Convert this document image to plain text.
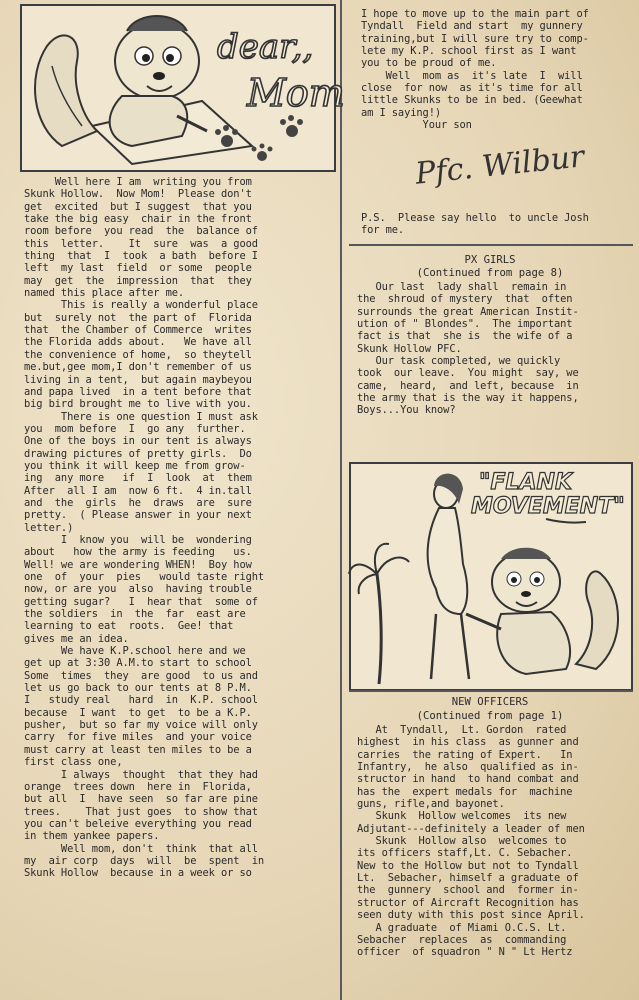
dear,,
Mom
Well here I am  writing you from
Skunk Hollow.  Now Mom!  Please don't
get  excited  but I suggest  that you
take the big easy  chair in the front
room before  you read  the  balance of
this  letter.    It  sure  was  a good
thing  that  I  took  a bath  before I
left  my last  field  or some  people
may  get  the  impression  that  they
named this place after me.
This is really a wonderful place
but  surely not  the part of  Florida
that  the Chamber of Commerce  writes
the Florida adds about.   We have all
the convenience of home,  so theytell
me.but,gee mom,I don't remember of us
living in a tent,  but again maybeyou
and papa lived  in a tent before that
big bird brought me to live with you.
There is one question I must ask
you  mom before  I  go any  further.
One of the boys in our tent is always
drawing pictures of pretty girls.  Do
you think it will keep me from grow-
ing  any more   if  I  look  at  them
After  all I am  now 6 ft.  4 in.tall
and  the  girls  he  draws  are  sure
pretty.  ( Please answer in your next
letter.)
I  know you  will be  wondering
about   how the army is feeding   us.
Well! we are wondering WHEN!  Boy how
one  of  your  pies   would taste right
now, or are you  also  having trouble
getting sugar?   I  hear that  some of
the soldiers  in  the  far  east are
learning to eat  roots.  Gee! that
gives me an idea.
We have K.P.school here and we
get up at 3:30 A.M.to start to school
Some  times  they  are good  to us and
let us go back to our tents at 8 P.M.
I   study real   hard  in  K.P. school
because  I want  to get  to be a K.P.
pusher,  but so far my voice will only
carry  for five miles  and your voice
must carry at least ten miles to be a
first class one,
I always  thought  that they had
orange  trees down  here in  Florida,
but all  I  have seen  so far are pine
trees.    That just goes  to show that
you can't beleive everything you read
in them yankee papers.
Well mom, don't  think  that all
my  air corp  days  will  be  spent  in
Skunk Hollow  because in a week or so
I hope to move up to the main part of
Tyndall  Field and start  my gunnery
training,but I will sure try to comp-
lete my K.P. school first as I want
you to be proud of me.
Well  mom as  it's late  I  will
close  for now  as it's time for all
little Skunks to be in bed. (Geewhat
am I saying!)
Your son
Pfc. Wilbur
P.S.  Please say hello  to uncle Josh
for me.
PX GIRLS
(Continued from page 8)
Our last  lady shall  remain in
the  shroud of mystery  that  often
surrounds the great American Instit-
ution of " Blondes".  The important
fact is that  she is  the wife of a
Skunk Hollow PFC.
Our task completed, we quickly
took  our leave.  You might  say, we
came,  heard,  and left, because  in
the army that is the way it happens,
Boys...You know?
"FLANK
MOVEMENT"
NEW OFFICERS
(Continued from page 1)
At  Tyndall,  Lt. Gordon  rated
highest  in his class  as gunner and
carries  the rating of Expert.   In
Infantry,  he also  qualified as in-
structor in hand  to hand combat and
has the  expert medals for  machine
guns, rifle,and bayonet.
Skunk  Hollow welcomes  its new
Adjutant---definitely a leader of men
Skunk  Hollow also  welcomes to
its officers staff,Lt. C. Sebacher.
New to the Hollow but not to Tyndall
Lt.  Sebacher, himself a graduate of
the  gunnery  school and  former in-
structor of Aircraft Recognition has
seen duty with this post since April.
A graduate  of Miami O.C.S. Lt.
Sebacher  replaces  as  commanding
officer  of squadron " N " Lt Hertz
